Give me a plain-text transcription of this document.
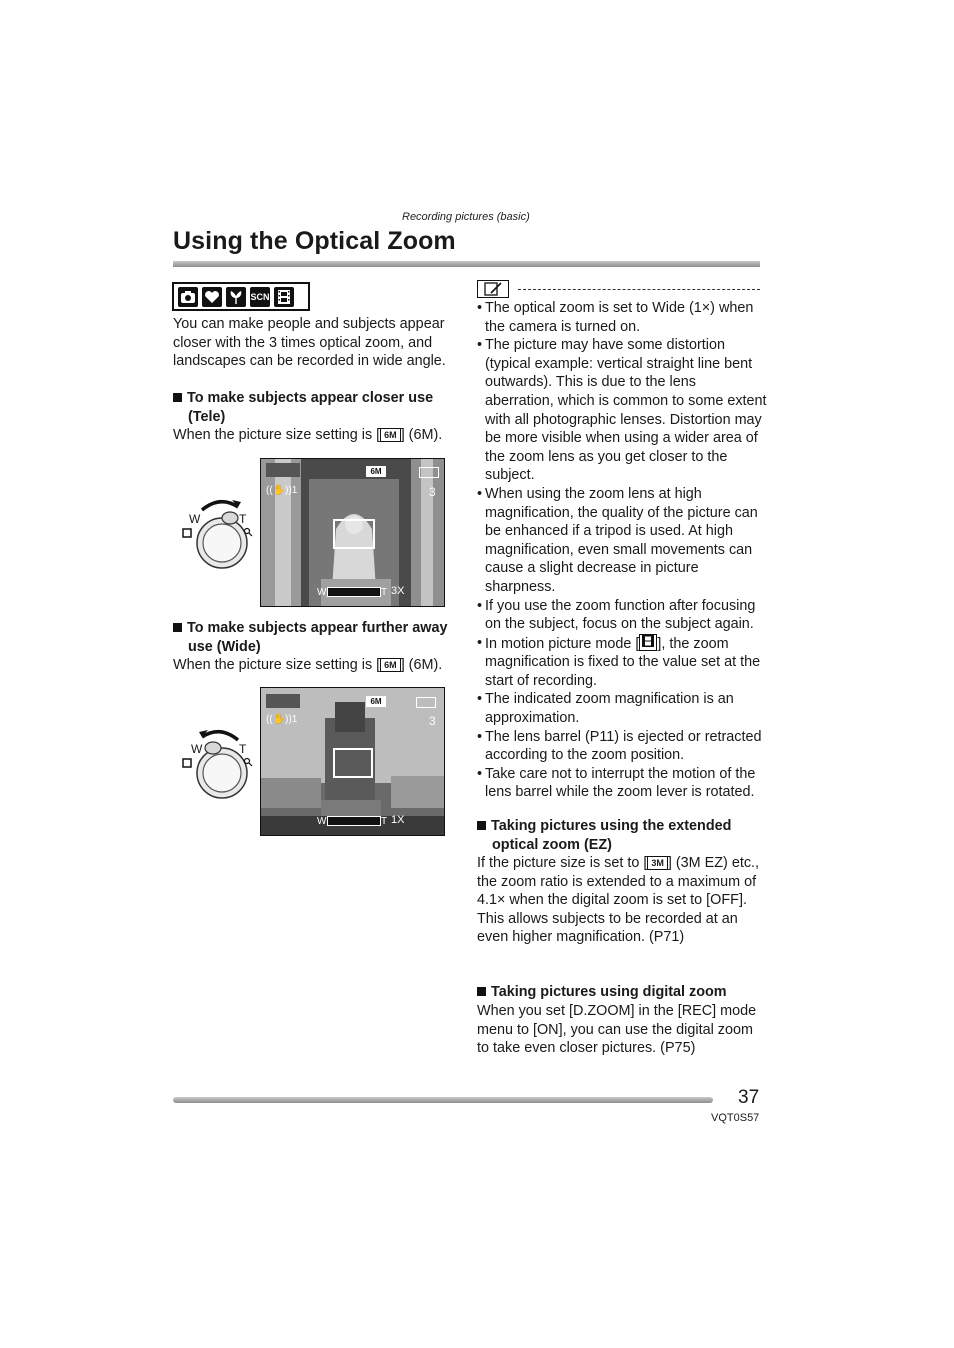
Recording pictures (basic)
Using the Optical Zoom
SCN

You can make people and subjects appear closer with the 3 times optical zoom, and landscapes can be recorded in wide angle.

To make subjects appear closer use
(Tele)

When the picture size setting is [ 6M ] (6M).

W	T
6M
((✋))1	3
W	T 3X
To make subjects appear further away
use (Wide)

When the picture size setting is [ 6M ] (6M).

W	T
6M
((✋))1	3
W	T 1X
• The optical zoom is set to Wide (1×) when the camera is turned on.
• The picture may have some distortion (typical example: vertical straight line bent outwards). This is due to the lens aberration, which is common to some extent with all photographic lenses. Distortion may be more visible when using a wider area of the zoom lens as you get closer to the subject.
• When using the zoom lens at high magnification, the quality of the picture can be enhanced if a tripod is used. At high magnification, even small movements can cause a slight decrease in picture sharpness.
• If you use the zoom function after focusing on the subject, focus on the subject again.
• In motion picture mode [ ], the zoom magnification is fixed to the value set at the start of recording.
• The indicated zoom magnification is an approximation.
• The lens barrel (P11) is ejected or retracted according to the zoom position.
• Take care not to interrupt the motion of the lens barrel while the zoom lever is rotated.
Taking pictures using the extended
optical zoom (EZ)

If the picture size is set to [ 3M ] (3M EZ) etc., the zoom ratio is extended to a maximum of 4.1× when the digital zoom is set to [OFF]. This allows subjects to be recorded at an even higher magnification. (P71)

Taking pictures using digital zoom

When you set [D.ZOOM] in the [REC] mode menu to [ON], you can use the digital zoom to take even closer pictures. (P75)

37
VQT0S57
